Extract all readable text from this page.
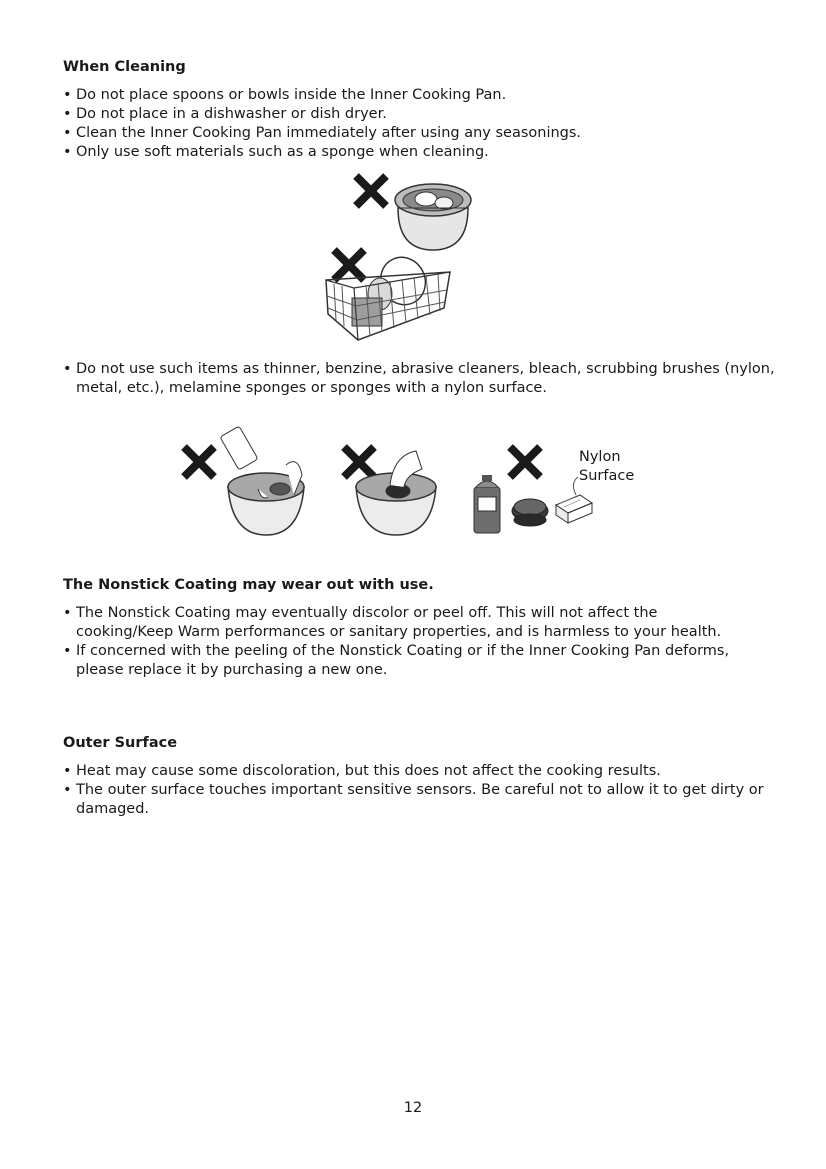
When Cleaning
• Do not place spoons or bowls inside the Inner Cooking Pan.
• Do not place in a dishwasher or dish dryer.
• Clean the Inner Cooking Pan immediately after using any seasonings.
• Only use soft materials such as a sponge when cleaning.
• Do not use such items as thinner, benzine, abrasive cleaners, bleach, scrubbing brushes (nylon, metal, etc.), melamine sponges or sponges with a nylon surface.

Nylon
Surface

The Nonstick Coating may wear out with use.
• The Nonstick Coating may eventually discolor or peel off. This will not affect the cooking/Keep Warm performances or sanitary properties, and is harmless to your health.
• If concerned with the peeling of the Nonstick Coating or if the Inner Cooking Pan deforms, please replace it by purchasing a new one.
Outer Surface
• Heat may cause some discoloration, but this does not affect the cooking results.
• The outer surface touches important sensitive sensors. Be careful not to allow it to get dirty or damaged.

12
